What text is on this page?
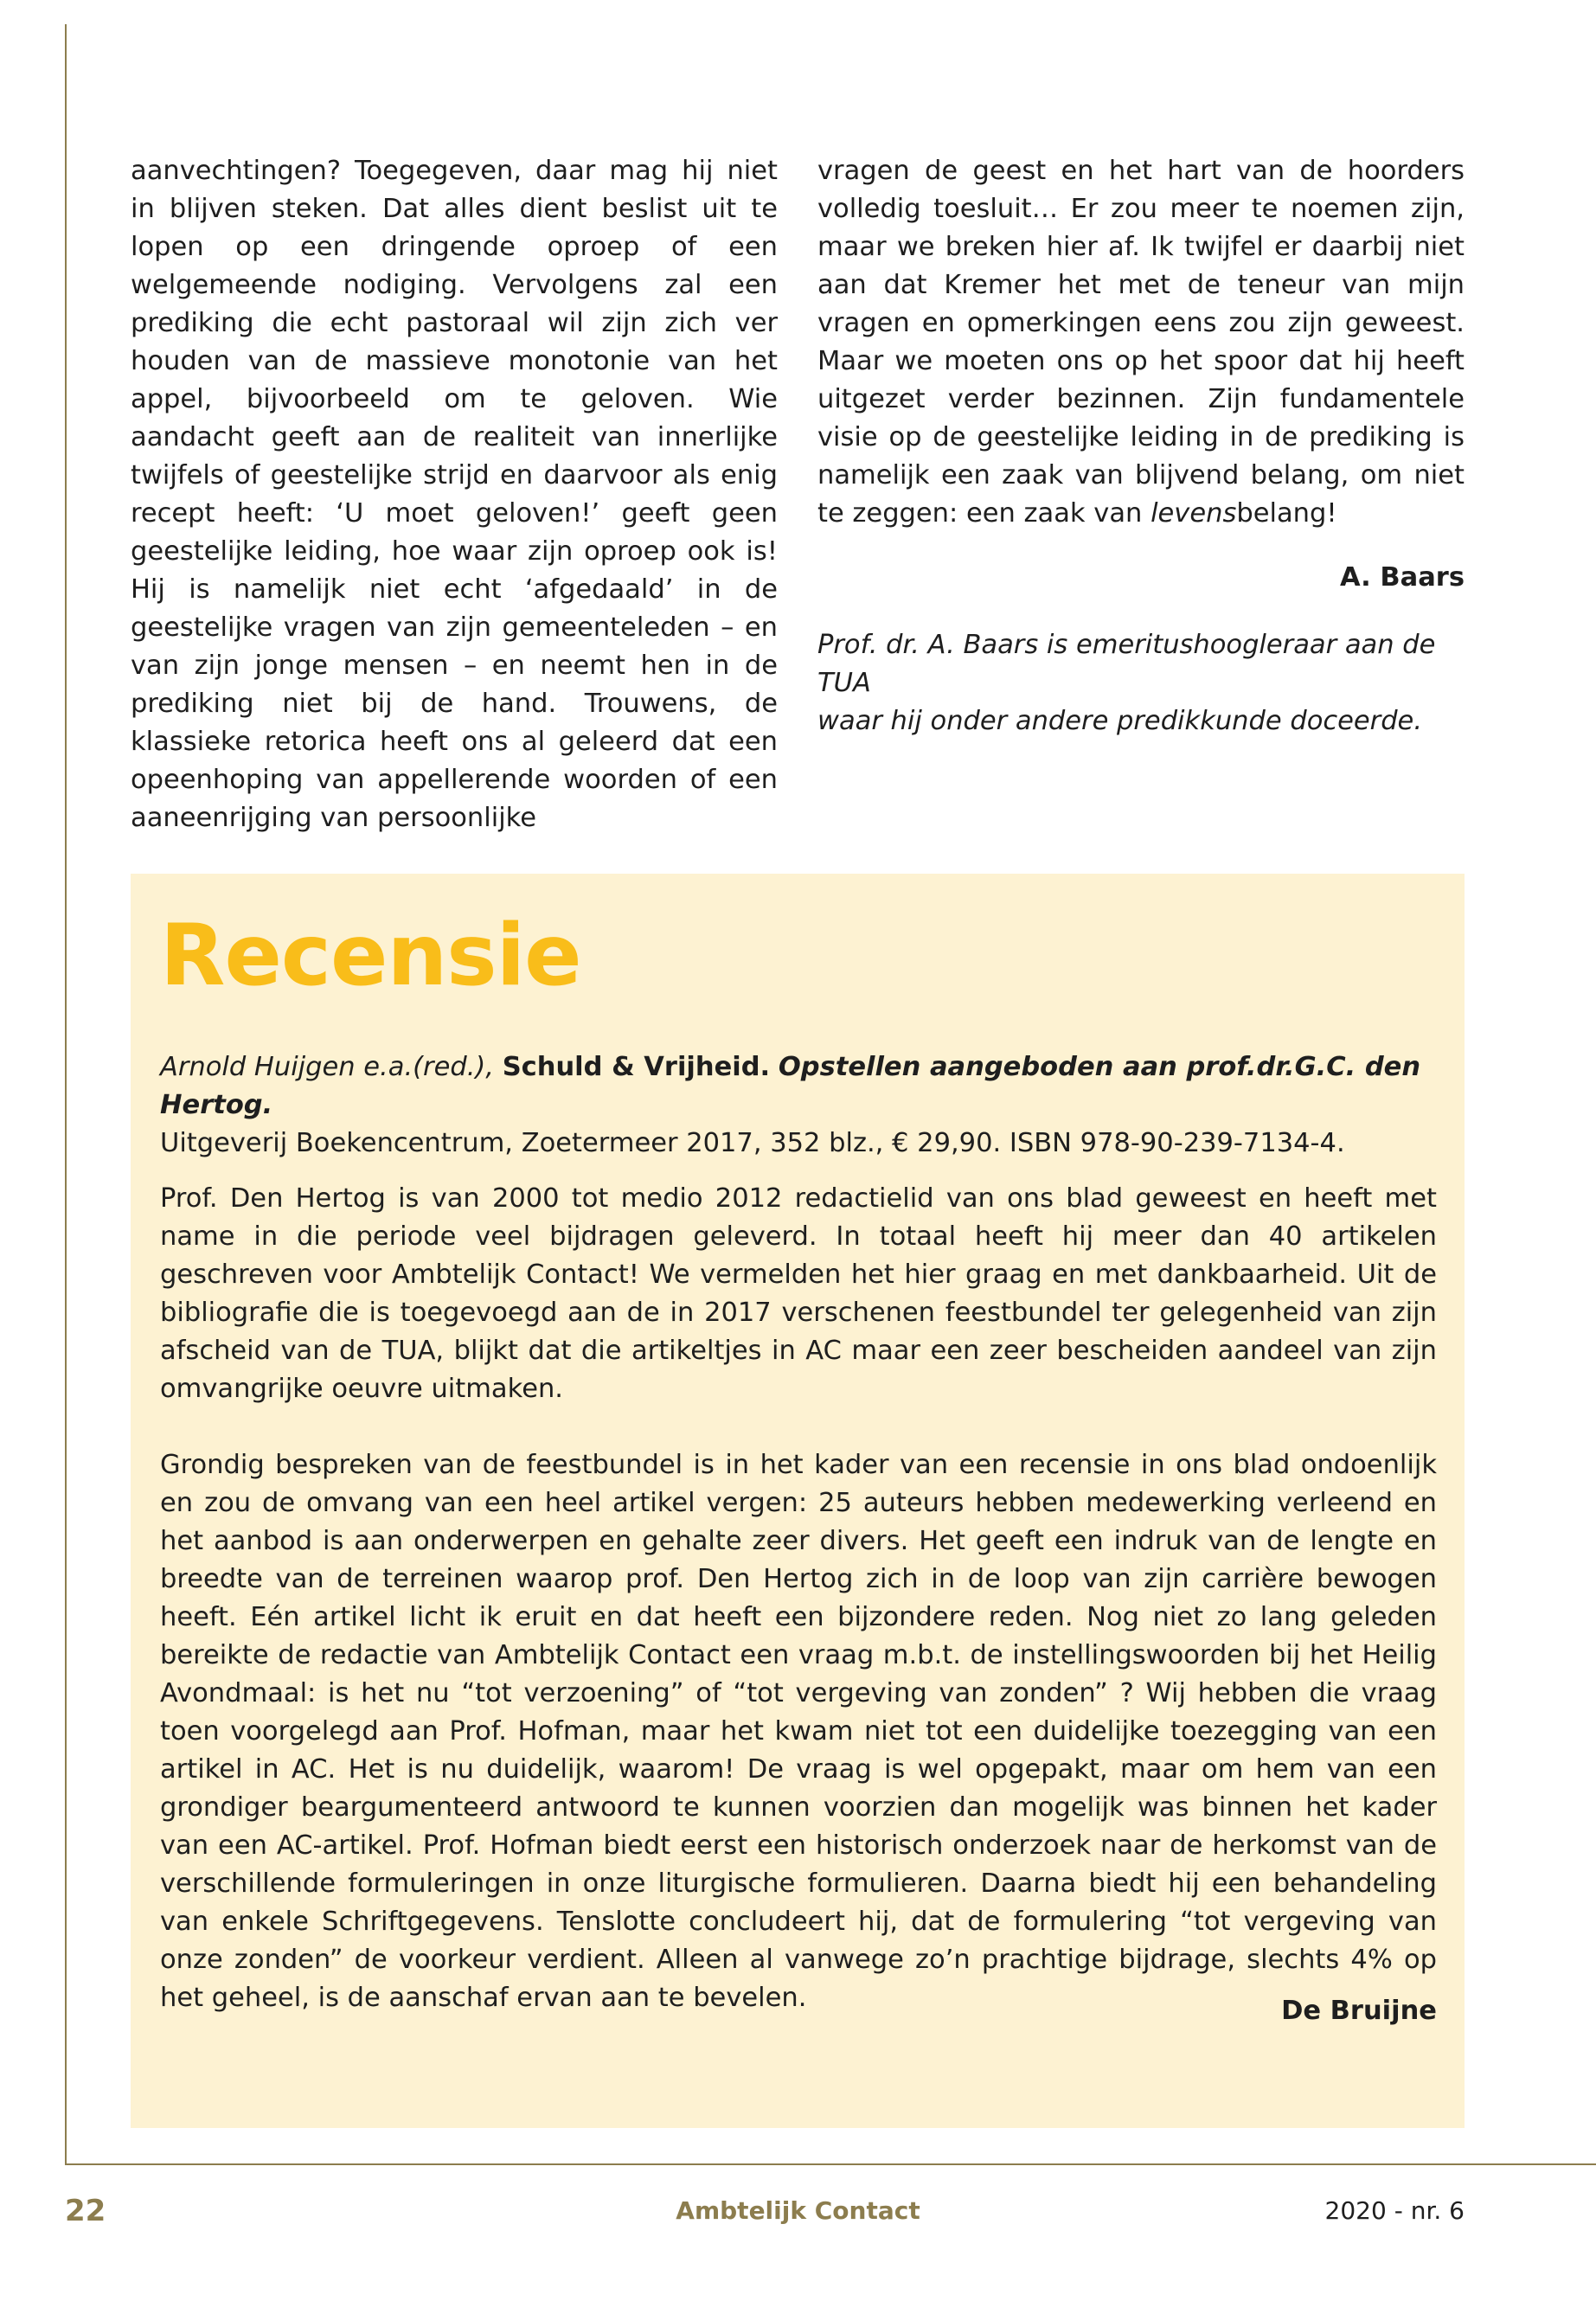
aanvechtingen? Toegegeven, daar mag hij niet in blijven steken. Dat alles dient beslist uit te lopen op een dringende oproep of een welgemeende nodiging. Vervolgens zal een prediking die echt pastoraal wil zijn zich ver houden van de massieve monotonie van het appel, bijvoorbeeld om te geloven. Wie aandacht geeft aan de realiteit van innerlijke twijfels of geestelijke strijd en daarvoor als enig recept heeft: ‘U moet geloven!’ geeft geen geestelijke leiding, hoe waar zijn oproep ook is! Hij is namelijk niet echt ‘afgedaald’ in de geestelijke vragen van zijn gemeenteleden – en van zijn jonge mensen – en neemt hen in de prediking niet bij de hand. Trouwens, de klassieke retorica heeft ons al geleerd dat een opeenhoping van appellerende woorden of een aaneenrijging van persoonlijke

vragen de geest en het hart van de hoorders volledig toesluit… Er zou meer te noemen zijn, maar we breken hier af. Ik twijfel er daarbij niet aan dat Kremer het met de teneur van mijn vragen en opmerkingen eens zou zijn geweest. Maar we moeten ons op het spoor dat hij heeft uitgezet verder bezinnen. Zijn fundamentele visie op de geestelijke leiding in de prediking is namelijk een zaak van blijvend belang, om niet te zeggen: een zaak van levensbelang!

A. Baars

Prof. dr. A. Baars is emeritushoogleraar aan de TUA
waar hij onder andere predikkunde doceerde.

Recensie

Arnold Huijgen e.a.(red.), Schuld & Vrijheid. Opstellen aangeboden aan prof.dr.G.C. den Hertog.
Uitgeverij Boekencentrum, Zoetermeer 2017, 352 blz., € 29,90. ISBN 978-90-239-7134-4.

Prof. Den Hertog is van 2000 tot medio 2012 redactielid van ons blad geweest en heeft met name in die periode veel bijdragen geleverd. In totaal heeft hij meer dan 40 artikelen geschreven voor Ambtelijk Contact! We vermelden het hier graag en met dankbaarheid. Uit de bibliografie die is toegevoegd aan de in 2017 verschenen feestbundel ter gelegenheid van zijn afscheid van de TUA, blijkt dat die artikeltjes in AC maar een zeer bescheiden aandeel van zijn omvangrijke oeuvre uitmaken.

Grondig bespreken van de feestbundel is in het kader van een recensie in ons blad ondoenlijk en zou de omvang van een heel artikel vergen: 25 auteurs hebben medewerking verleend en het aanbod is aan onderwerpen en gehalte zeer divers. Het geeft een indruk van de lengte en breedte van de terreinen waarop prof. Den Hertog zich in de loop van zijn carrière bewogen heeft. Eén artikel licht ik eruit en dat heeft een bijzondere reden. Nog niet zo lang geleden bereikte de redactie van Ambtelijk Contact een vraag m.b.t. de instellingswoorden bij het Heilig Avondmaal: is het nu “tot verzoening” of “tot vergeving van zonden” ? Wij hebben die vraag toen voorgelegd aan Prof. Hofman, maar het kwam niet tot een duidelijke toezegging van een artikel in AC. Het is nu duidelijk, waarom! De vraag is wel opgepakt, maar om hem van een grondiger beargumenteerd antwoord te kunnen voorzien dan mogelijk was binnen het kader van een AC-artikel. Prof. Hofman biedt eerst een historisch onderzoek naar de herkomst van de verschillende formuleringen in onze liturgische formulieren. Daarna biedt hij een behandeling van enkele Schriftgegevens. Tenslotte concludeert hij, dat de formulering “tot vergeving van onze zonden” de voorkeur verdient. Alleen al vanwege zo’n prachtige bijdrage, slechts 4% op het geheel, is de aanschaf ervan aan te bevelen.	De Bruijne
22	Ambtelijk Contact	2020 - nr. 6
